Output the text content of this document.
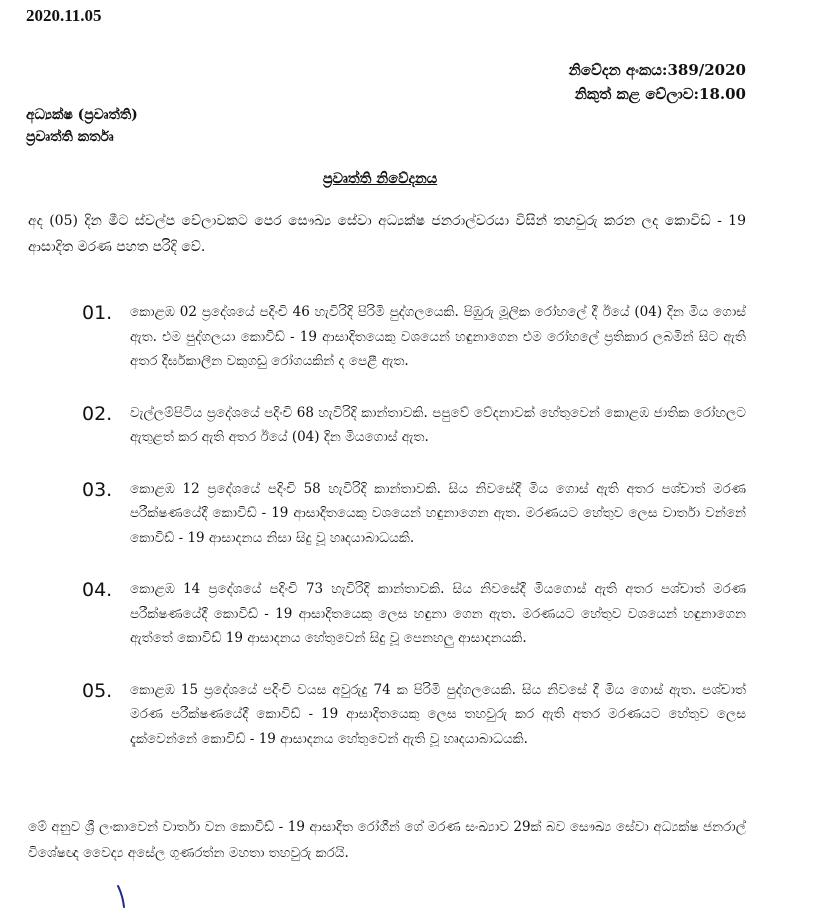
2020.11.05
නිවේදන අංකය:389/2020
නිකුත් කළ වේලාව:18.00
අධ්‍යක්ෂ (ප්‍රවෘත්ති)
ප්‍රවෘත්ති කර්තෘ
ප්‍රවෘත්ති නිවේදනය
අද (05) දින මීට ස්වල්ප වේලාවකට පෙර සෞඛ්‍ය සේවා අධ්‍යක්ෂ ජනරාල්වරයා විසින් තහවුරු කරන ලද කොවිඩ් - 19 ආසාදිත මරණ පහත පරිදි වේ.
01.	කොළඹ 02 ප්‍රදේශයේ පදිංචි 46 හැවිරිදි පිරිමි පුද්ගලයෙකි. පිඹුරු මූලික රෝහලේ දී ඊයේ (04) දින මිය ගොස් ඇත. එම පුද්ගලයා කොවිඩ් - 19 ආසාදිතයෙකු වශයෙන් හඳුනාගෙන එම රෝහලේ ප්‍රතිකාර ලබමින් සිට ඇති අතර දීර්ඝකාලීන වකුගඩු රෝගයකින් ද පෙළී ඇත.
02.	වැල්ලම්පිටිය ප්‍රදේශයේ පදිංචි 68 හැවිරිදි කාන්තාවකි. පපුවේ වේදනාවක් හේතුවෙන් කොළඹ ජාතික රෝහලට ඇතුළත් කර ඇති අතර ඊයේ (04) දින මියගොස් ඇත.
03.	කොළඹ 12 ප්‍රදේශයේ පදිංචි 58 හැවිරිදි කාන්තාවකි. සිය නිවසේදී මිය ගොස් ඇති අතර පශ්චාත් මරණ පරීක්ෂණයේදී කොවිඩ් - 19 ආසාදිතයෙකු වශයෙන් හඳුනාගෙන ඇත. මරණයට හේතුව ලෙස වාර්තා වන්නේ කොවිඩ් - 19 ආසාදනය නිසා සිදු වූ හෘදයාබාධයකි.
04.	කොළඹ 14 ප්‍රදේශයේ පදිංචි 73 හැවිරිදි කාන්තාවකි. සිය නිවසේදී මියගොස් ඇති අතර පශ්චාත් මරණ පරීක්ෂණයේදී කොවිඩ් - 19 ආසාදිතයෙකු ලෙස හඳුනා ගෙන ඇත. මරණයට හේතුව වශයෙන් හඳුනාගෙන ඇත්තේ කොවිඩ් 19 ආසාදනය හේතුවෙන් සිදු වූ පෙනහලු ආසාදනයකි.
05.	කොළඹ 15 ප්‍රදේශයේ පදිංචි වයස අවුරුදු 74 ක පිරිමි පුද්ගලයෙකි. සිය නිවසේ දී මිය ගොස් ඇත. පශ්චාත් මරණ පරීක්ෂණයේදී කොවිඩ් - 19 ආසාදිතයෙකු ලෙස තහවුරු කර ඇති අතර මරණයට හේතුව ලෙස දැක්වෙන්නේ කොවිඩ් - 19 ආසාදනය හේතුවෙන් ඇති වූ හෘදයාබාධයකි.
මේ අනුව ශ්‍රී ලංකාවෙන් වාර්තා වන කොවිඩ් - 19 ආසාදිත රෝගීන් ගේ මරණ සංඛ්‍යාව 29ක් බව සෞඛ්‍ය සේවා අධ්‍යක්ෂ ජනරාල් විශේෂඥ වෛද්‍ය අසේල ගුණරත්න මහතා තහවුරු කරයි.
